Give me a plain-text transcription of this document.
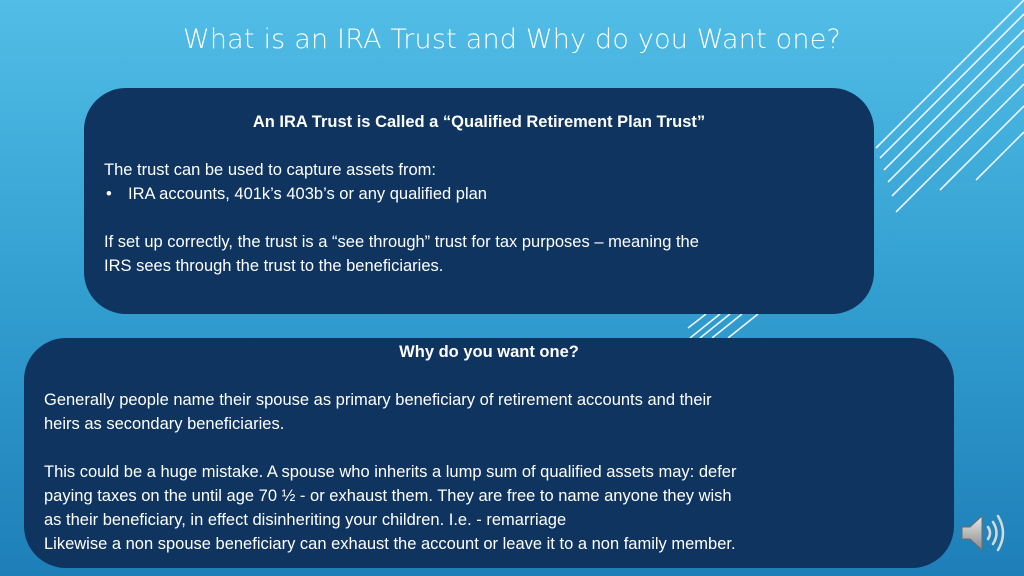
What is an IRA Trust and Why do you Want one?

An IRA Trust is Called a “Qualified Retirement Plan Trust”

The trust can be used to capture assets from:

• IRA accounts, 401k’s 403b’s or any qualified plan

If set up correctly, the trust is a “see through” trust for tax purposes – meaning the

IRS sees through the trust to the beneficiaries.

Why do you want one?

Generally people name their spouse as primary beneficiary of retirement accounts and their

heirs as secondary beneficiaries.

This could be a huge mistake. A spouse who inherits a lump sum of qualified assets may: defer

paying taxes on the until age 70 ½ - or exhaust them. They are free to name anyone they wish

as their beneficiary, in effect disinheriting your children. I.e. - remarriage

Likewise a non spouse beneficiary can exhaust the account or leave it to a non family member.
